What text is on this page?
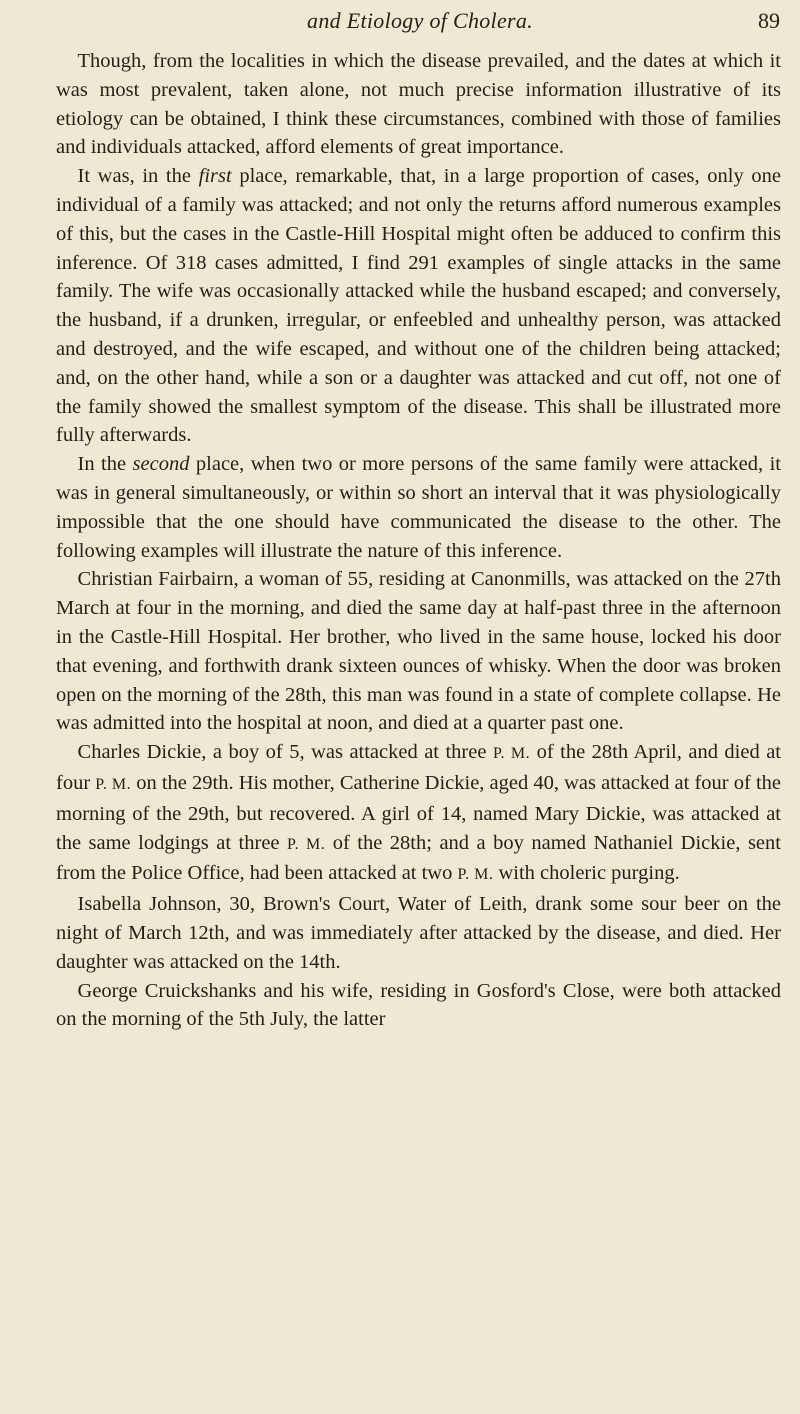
and Etiology of Cholera.	89

Though, from the localities in which the disease prevailed, and the dates at which it was most prevalent, taken alone, not much precise information illustrative of its etiology can be obtained, I think these circumstances, combined with those of families and individuals attacked, afford elements of great importance.

It was, in the first place, remarkable, that, in a large proportion of cases, only one individual of a family was attacked; and not only the returns afford numerous examples of this, but the cases in the Castle-Hill Hospital might often be adduced to confirm this inference. Of 318 cases admitted, I find 291 examples of single attacks in the same family. The wife was occasionally attacked while the husband escaped; and conversely, the husband, if a drunken, irregular, or enfeebled and unhealthy person, was attacked and destroyed, and the wife escaped, and without one of the children being attacked; and, on the other hand, while a son or a daughter was attacked and cut off, not one of the family showed the smallest symptom of the disease. This shall be illustrated more fully afterwards.

In the second place, when two or more persons of the same family were attacked, it was in general simultaneously, or within so short an interval that it was physiologically impossible that the one should have communicated the disease to the other. The following examples will illustrate the nature of this inference.

Christian Fairbairn, a woman of 55, residing at Canonmills, was attacked on the 27th March at four in the morning, and died the same day at half-past three in the afternoon in the Castle-Hill Hospital. Her brother, who lived in the same house, locked his door that evening, and forthwith drank sixteen ounces of whisky. When the door was broken open on the morning of the 28th, this man was found in a state of complete collapse. He was admitted into the hospital at noon, and died at a quarter past one.

Charles Dickie, a boy of 5, was attacked at three P. M. of the 28th April, and died at four P. M. on the 29th. His mother, Catherine Dickie, aged 40, was attacked at four of the morning of the 29th, but recovered. A girl of 14, named Mary Dickie, was attacked at the same lodgings at three P. M. of the 28th; and a boy named Nathaniel Dickie, sent from the Police Office, had been attacked at two P. M. with choleric purging.

Isabella Johnson, 30, Brown's Court, Water of Leith, drank some sour beer on the night of March 12th, and was immediately after attacked by the disease, and died. Her daughter was attacked on the 14th.

George Cruickshanks and his wife, residing in Gosford's Close, were both attacked on the morning of the 5th July, the latter
